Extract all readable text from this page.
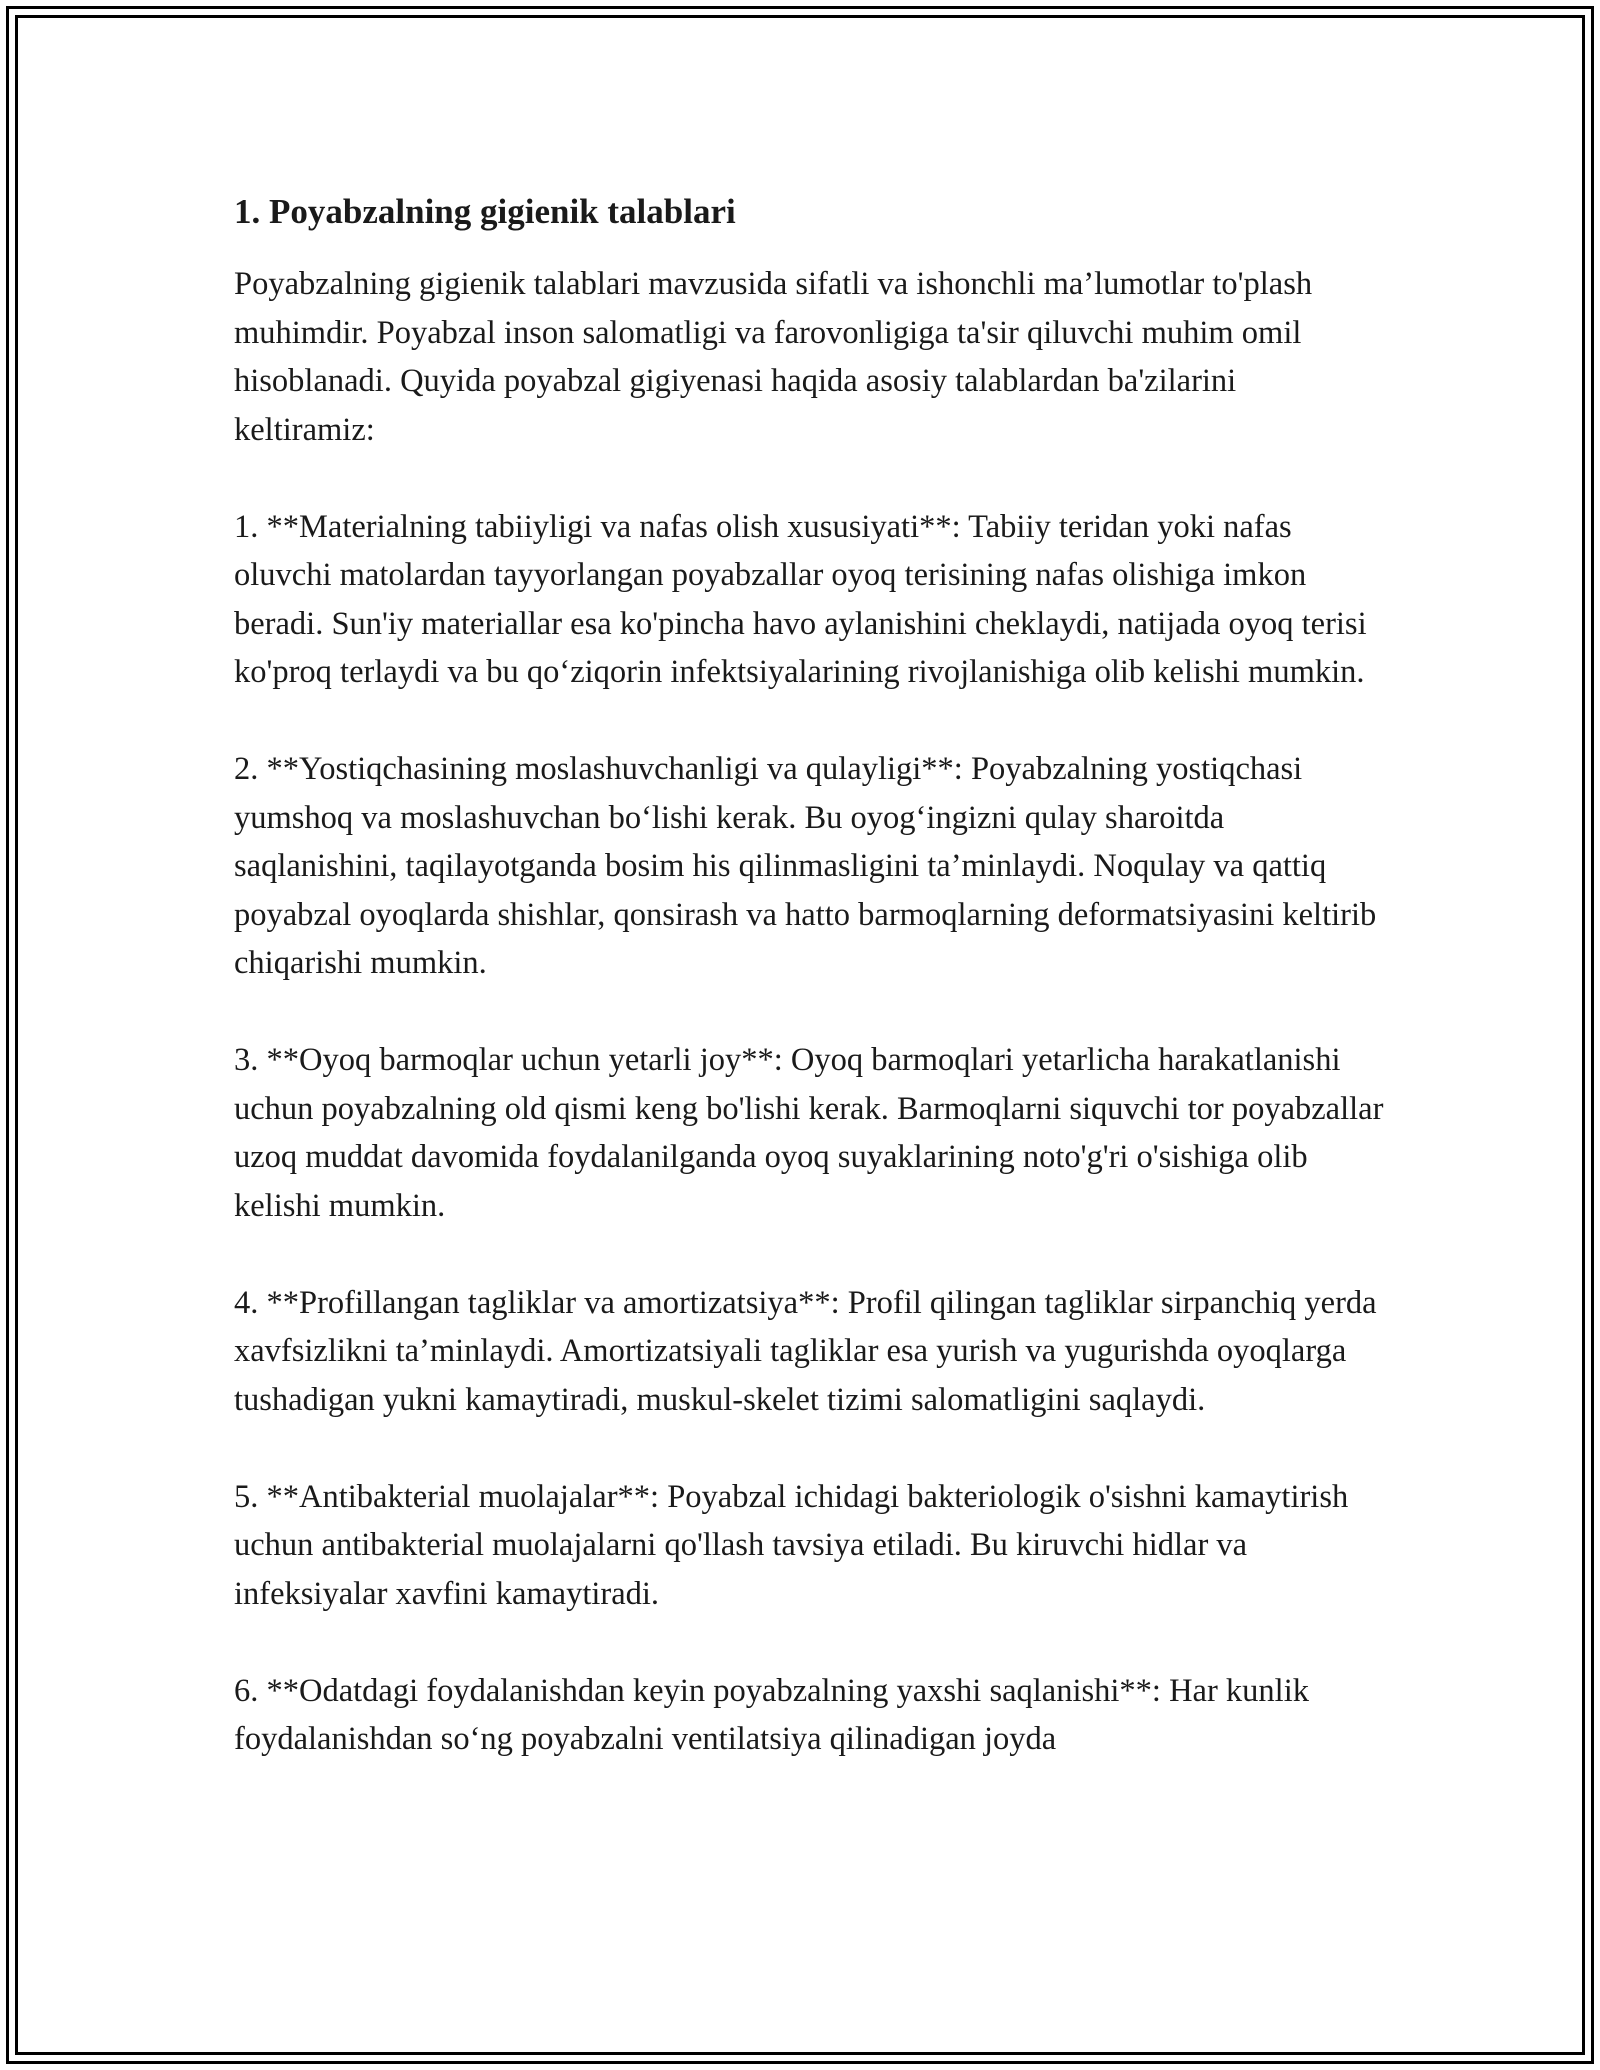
1. Poyabzalning gigienik talablari

Poyabzalning gigienik talablari mavzusida sifatli va ishonchli ma’lumotlar to'plash muhimdir. Poyabzal inson salomatligi va farovonligiga ta'sir qiluvchi muhim omil hisoblanadi. Quyida poyabzal gigiyenasi haqida asosiy talablardan ba'zilarini keltiramiz:

1. **Materialning tabiiyligi va nafas olish xususiyati**: Tabiiy teridan yoki nafas oluvchi matolardan tayyorlangan poyabzallar oyoq terisining nafas olishiga imkon beradi. Sun'iy materiallar esa ko'pincha havo aylanishini cheklaydi, natijada oyoq terisi ko'proq terlaydi va bu qo‘ziqorin infektsiyalarining rivojlanishiga olib kelishi mumkin.

2. **Yostiqchasining moslashuvchanligi va qulayligi**: Poyabzalning yostiqchasi yumshoq va moslashuvchan bo‘lishi kerak. Bu oyog‘ingizni qulay sharoitda saqlanishini, taqilayotganda bosim his qilinmasligini ta’minlaydi. Noqulay va qattiq poyabzal oyoqlarda shishlar, qonsirash va hatto barmoqlarning deformatsiyasini keltirib chiqarishi mumkin.

3. **Oyoq barmoqlar uchun yetarli joy**: Oyoq barmoqlari yetarlicha harakatlanishi uchun poyabzalning old qismi keng bo'lishi kerak. Barmoqlarni siquvchi tor poyabzallar uzoq muddat davomida foydalanilganda oyoq suyaklarining noto'g'ri o'sishiga olib kelishi mumkin.

4. **Profillangan tagliklar va amortizatsiya**: Profil qilingan tagliklar sirpanchiq yerda xavfsizlikni ta’minlaydi. Amortizatsiyali tagliklar esa yurish va yugurishda oyoqlarga tushadigan yukni kamaytiradi, muskul-skelet tizimi salomatligini saqlaydi.

5. **Antibakterial muolajalar**: Poyabzal ichidagi bakteriologik o'sishni kamaytirish uchun antibakterial muolajalarni qo'llash tavsiya etiladi. Bu kiruvchi hidlar va infeksiyalar xavfini kamaytiradi.

6. **Odatdagi foydalanishdan keyin poyabzalning yaxshi saqlanishi**: Har kunlik foydalanishdan so‘ng poyabzalni ventilatsiya qilinadigan joyda
